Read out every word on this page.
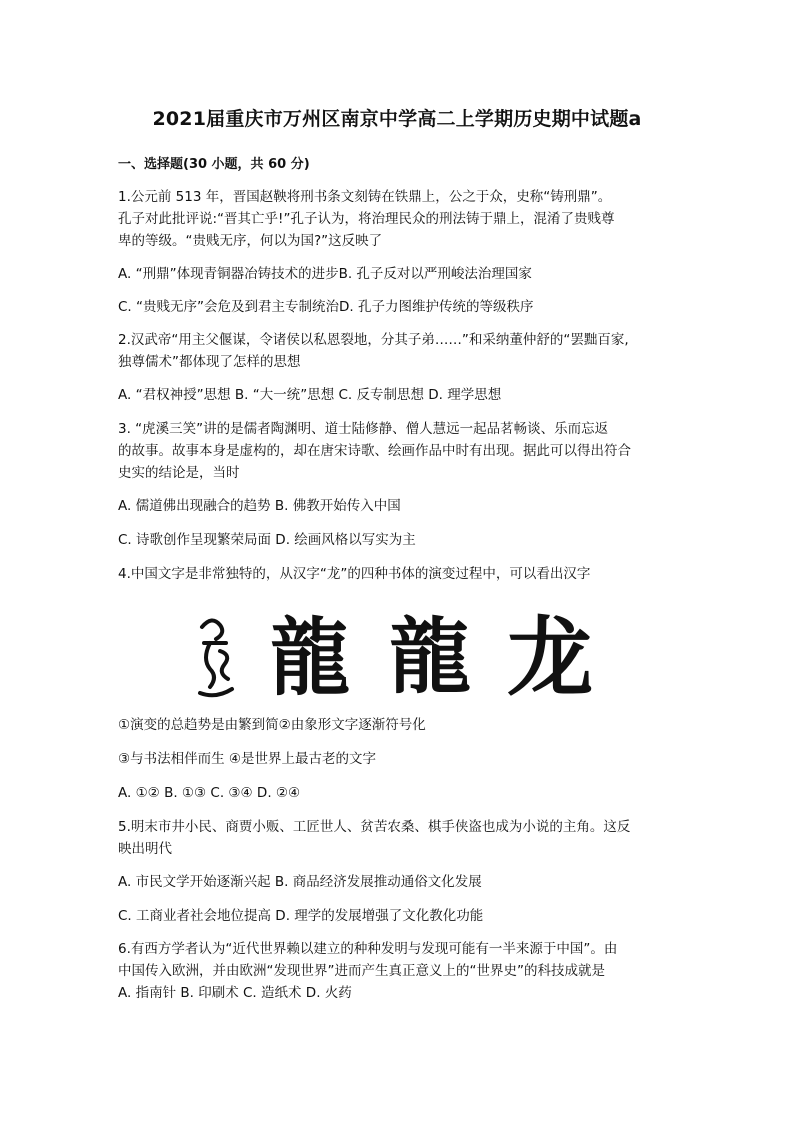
2021届重庆市万州区南京中学高二上学期历史期中试题a
一、选择题(30 小题，共 60 分)

1.公元前 513 年，晋国赵鞅将刑书条文刻铸在铁鼎上，公之于众，史称“铸刑鼎”。

孔子对此批评说:“晋其亡乎!”孔子认为，将治理民众的刑法铸于鼎上，混淆了贵贱尊

卑的等级。“贵贱无序，何以为国?”这反映了

A. “刑鼎”体现青铜器冶铸技术的进步B. 孔子反对以严刑峻法治理国家

C. “贵贱无序”会危及到君主专制统治D. 孔子力图维护传统的等级秩序

2.汉武帝“用主父偃谋，令诸侯以私恩裂地，分其子弟……”和采纳董仲舒的“罢黜百家,

独尊儒术”都体现了怎样的思想

A. “君权神授”思想 B. “大一统”思想 C. 反专制思想 D. 理学思想

3. “虎溪三笑”讲的是儒者陶渊明、道士陆修静、僧人慧远一起品茗畅谈、乐而忘返

的故事。故事本身是虚构的，却在唐宋诗歌、绘画作品中时有出现。据此可以得出符合

史实的结论是，当时

A. 儒道佛出现融合的趋势 B. 佛教开始传入中国

C. 诗歌创作呈现繁荣局面 D. 绘画风格以写实为主

4.中国文字是非常独特的，从汉字“龙”的四种书体的演变过程中，可以看出汉字

龍 龍 龙

①演变的总趋势是由繁到简②由象形文字逐渐符号化

③与书法相伴而生 ④是世界上最古老的文字

A. ①② B. ①③ C. ③④ D. ②④

5.明末市井小民、商贾小贩、工匠世人、贫苦农桑、棋手侠盗也成为小说的主角。这反

映出明代

A. 市民文学开始逐渐兴起 B. 商品经济发展推动通俗文化发展

C. 工商业者社会地位提高 D. 理学的发展增强了文化教化功能

6.有西方学者认为“近代世界赖以建立的种种发明与发现可能有一半来源于中国”。由

中国传入欧洲，并由欧洲“发现世界”进而产生真正意义上的“世界史”的科技成就是

A. 指南针 B. 印刷术 C. 造纸术 D. 火药
